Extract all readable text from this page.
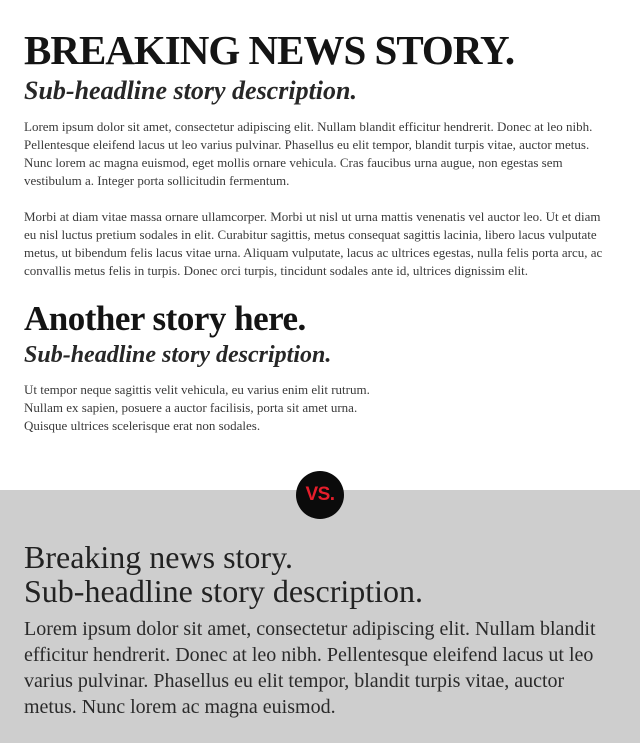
BREAKING NEWS STORY.
Sub-headline story description.

Lorem ipsum dolor sit amet, consectetur adipiscing elit. Nullam blandit efficitur hendrerit. Donec at leo nibh. Pellentesque eleifend lacus ut leo varius pulvinar. Phasellus eu elit tempor, blandit turpis vitae, auctor metus. Nunc lorem ac magna euismod, eget mollis ornare vehicula. Cras faucibus urna augue, non egestas sem vestibulum a. Integer porta sollicitudin fermentum.

Morbi at diam vitae massa ornare ullamcorper. Morbi ut nisl ut urna mattis venenatis vel auctor leo. Ut et diam eu nisl luctus pretium sodales in elit. Curabitur sagittis, metus consequat sagittis lacinia, libero lacus vulputate metus, ut bibendum felis lacus vitae urna. Aliquam vulputate, lacus ac ultrices egestas, nulla felis porta arcu, ac convallis metus felis in turpis. Donec orci turpis, tincidunt sodales ante id, ultrices dignissim elit.

Another story here.
Sub-headline story description.

Ut tempor neque sagittis velit vehicula, eu varius enim elit rutrum. Nullam ex sapien, posuere a auctor facilisis, porta sit amet urna. Quisque ultrices scelerisque erat non sodales.

VS.
Breaking news story.
Sub-headline story description.

Lorem ipsum dolor sit amet, consectetur adipiscing elit. Nullam blandit efficitur hendrerit. Donec at leo nibh. Pellentesque eleifend lacus ut leo varius pulvinar. Phasellus eu elit tempor, blandit turpis vitae, auctor metus. Nunc lorem ac magna euismod.
